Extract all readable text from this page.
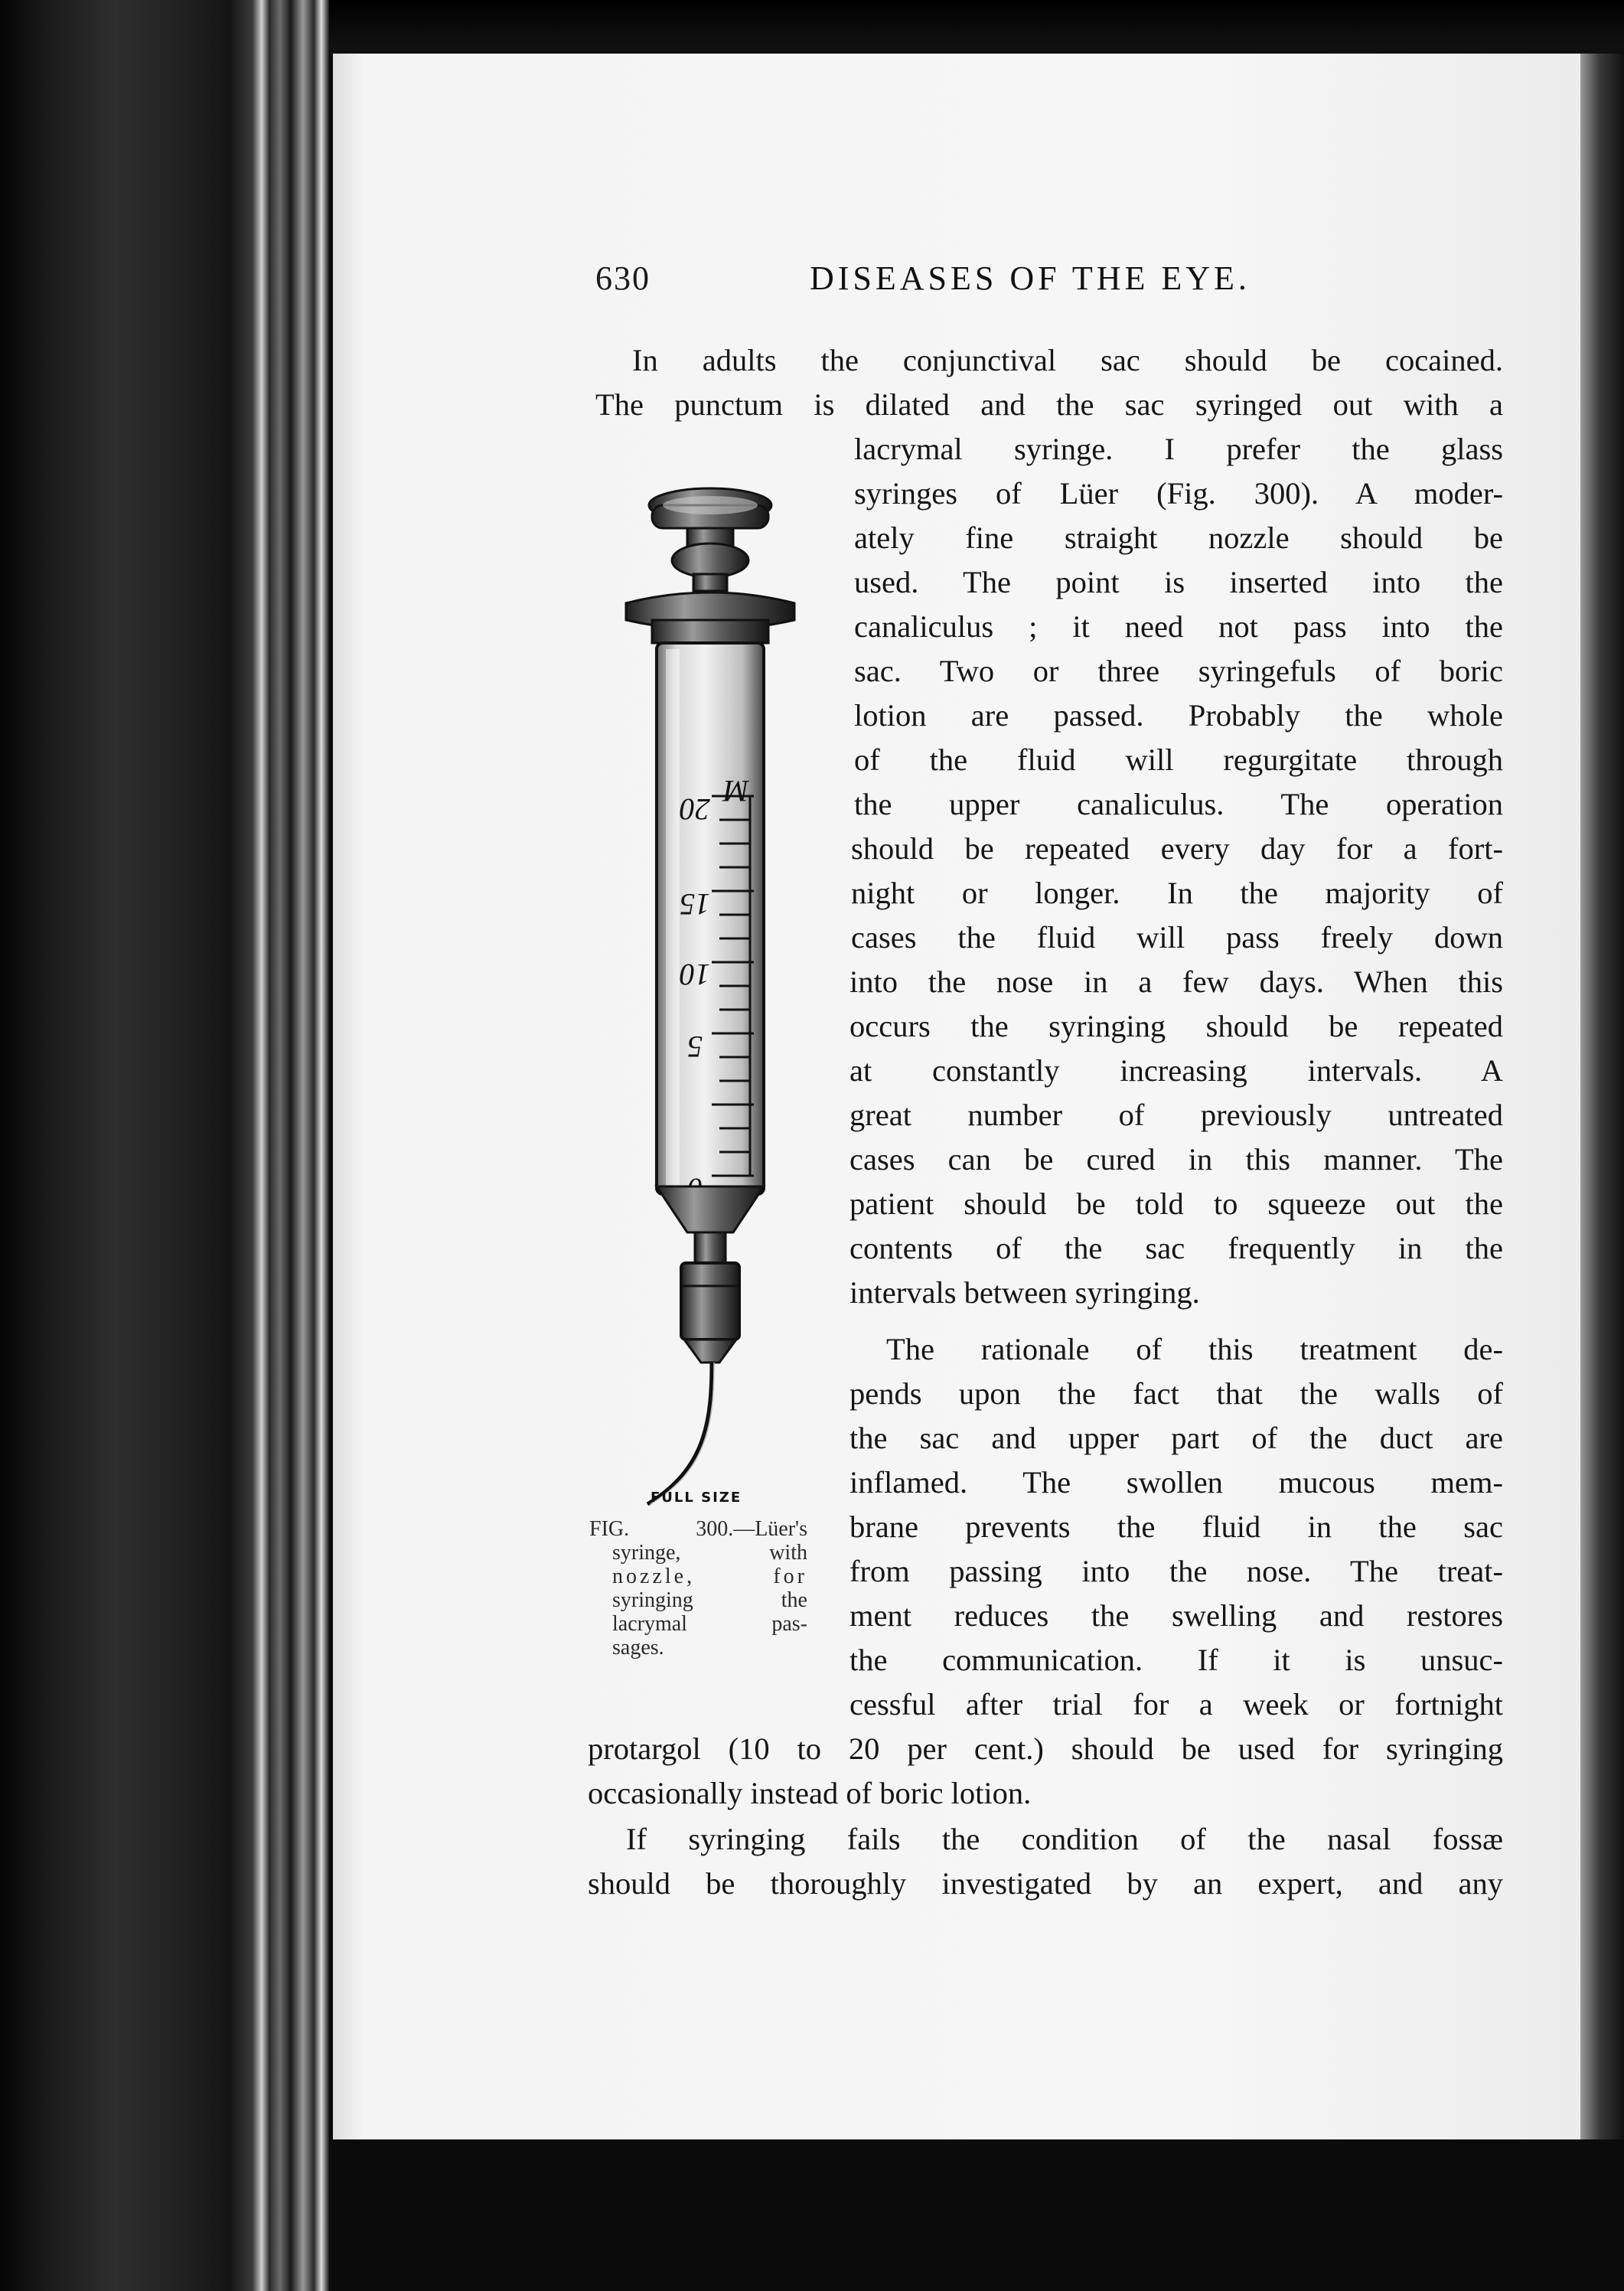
630	DISEASES OF THE EYE.
In adults the conjunctival sac should be cocained.
The punctum is dilated and the sac syringed out with a
lacrymal syringe. I prefer the glass
syringes of Lüer (Fig. 300). A moder-
ately fine straight nozzle should be
used. The point is inserted into the
canaliculus ; it need not pass into the
sac. Two or three syringefuls of boric
lotion are passed. Probably the whole
of the fluid will regurgitate through
the upper canaliculus. The operation
should be repeated every day for a fort-
night or longer. In the majority of
cases the fluid will pass freely down
into the nose in a few days. When this
occurs the syringing should be repeated
at constantly increasing intervals. A
great number of previously untreated
cases can be cured in this manner. The
patient should be told to squeeze out the
contents of the sac frequently in the
intervals between syringing.
The rationale of this treatment de-
pends upon the fact that the walls of
the sac and upper part of the duct are
inflamed. The swollen mucous mem-
brane prevents the fluid in the sac
from passing into the nose. The treat-
ment reduces the swelling and restores
the communication. If it is unsuc-
cessful after trial for a week or fortnight
protargol (10 to 20 per cent.) should be used for syringing
occasionally instead of boric lotion.
If syringing fails the condition of the nasal fossæ
should be thoroughly investigated by an expert, and any
M
20
15
10
5
FULL SIZE
FIG. 300.—Lüer's
syringe, with
nozzle, for
syringing the
lacrymal pas-
sages.
